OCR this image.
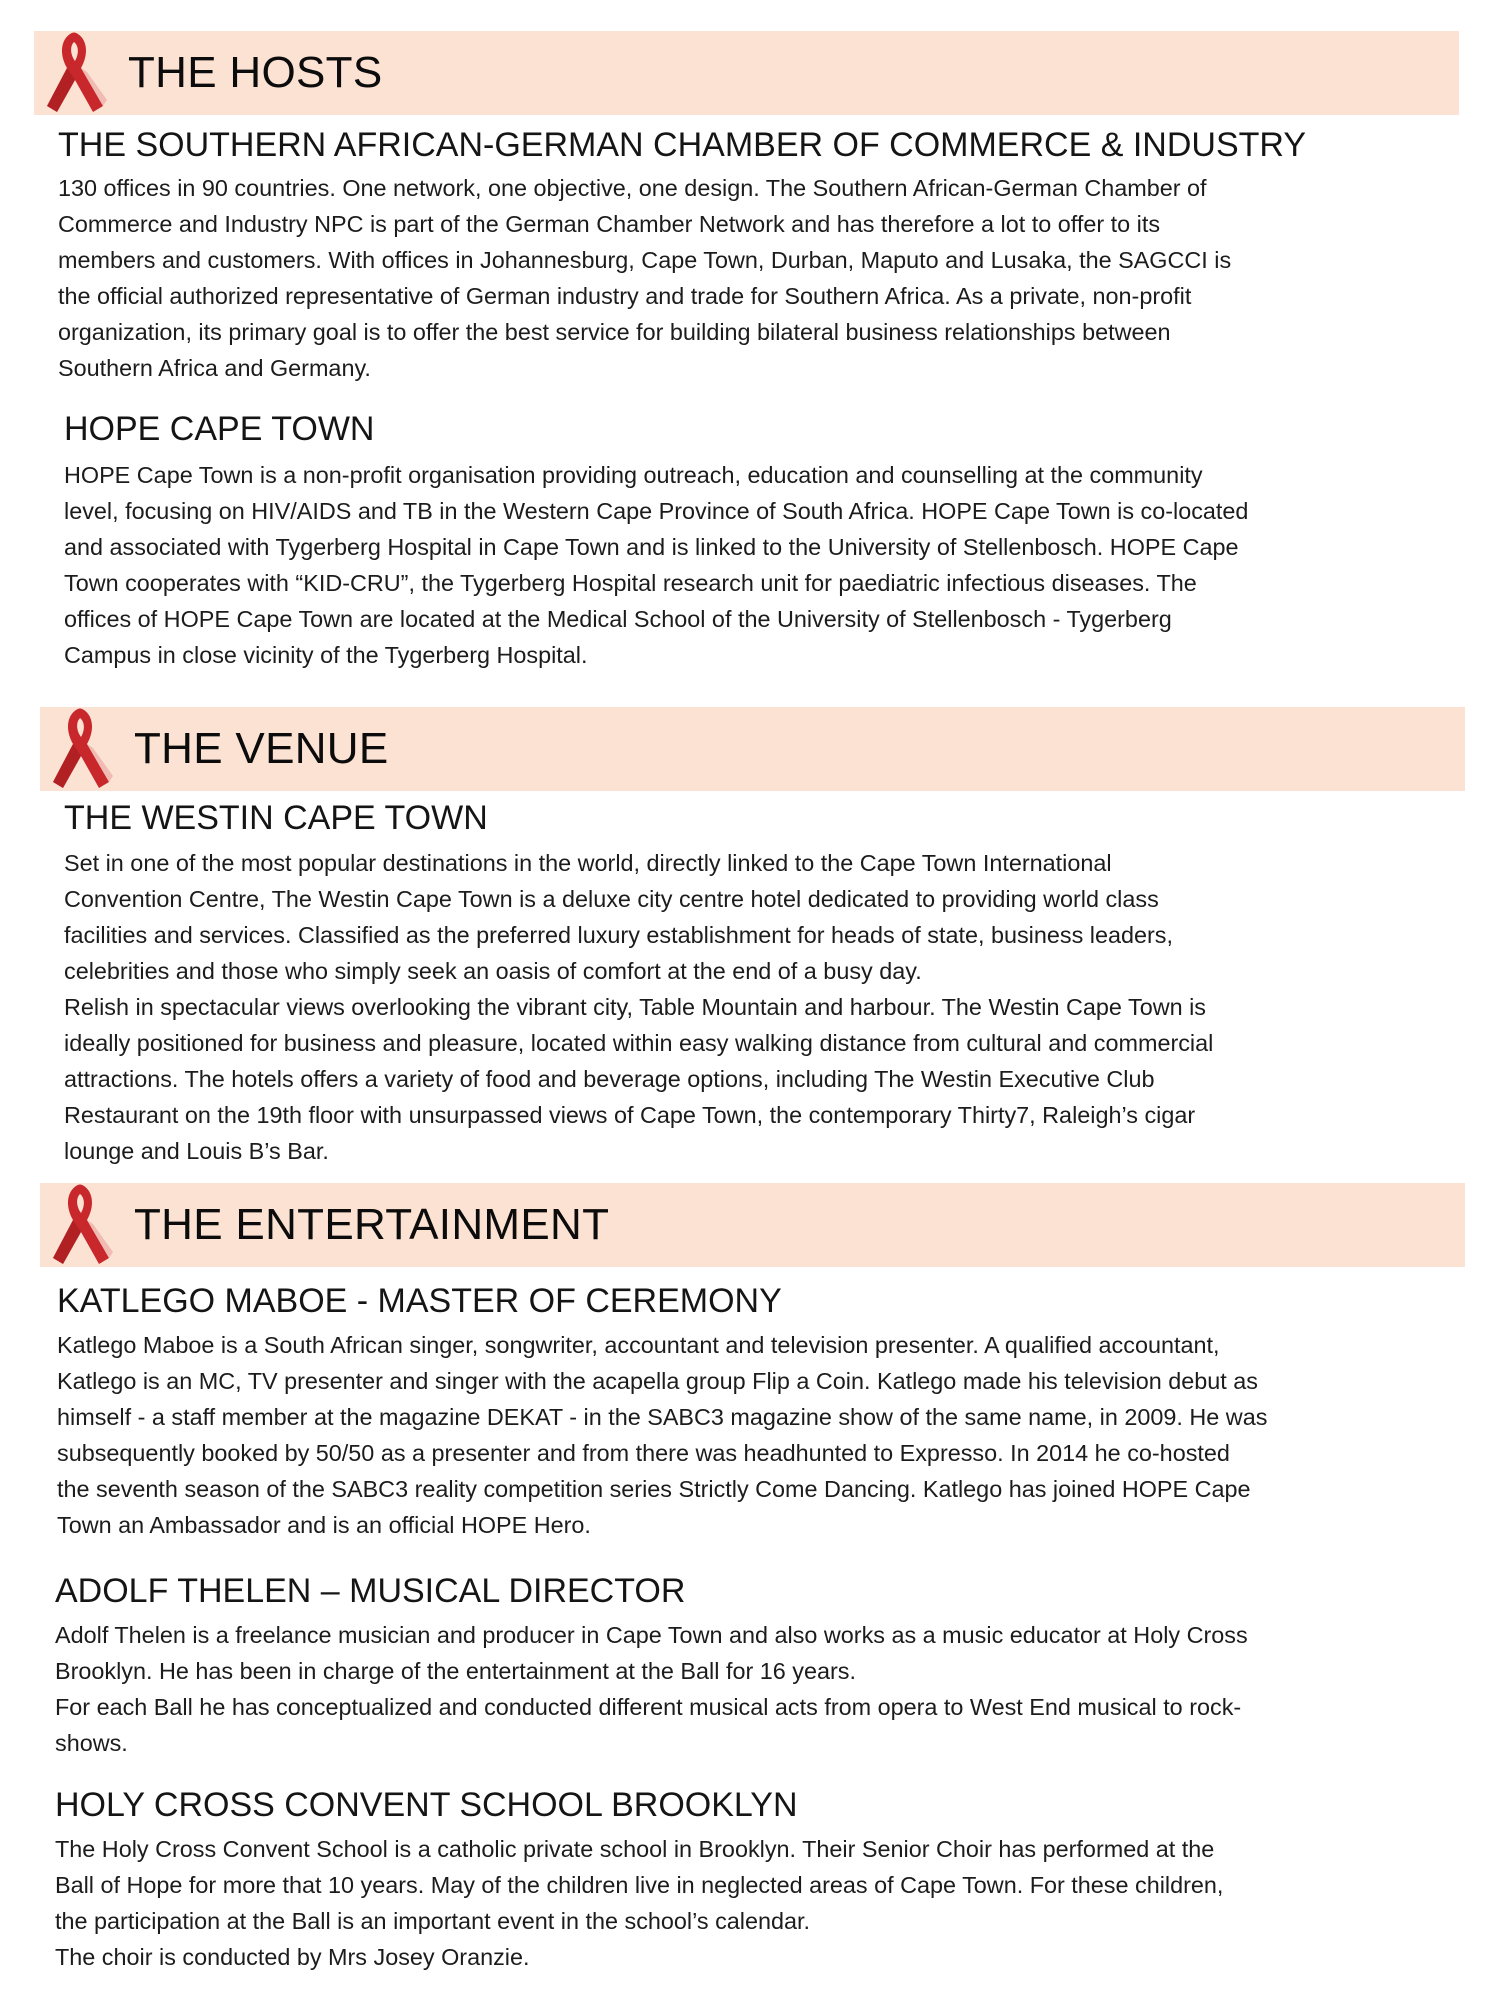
THE HOSTS
THE SOUTHERN AFRICAN-GERMAN CHAMBER OF COMMERCE & INDUSTRY
130 offices in 90 countries. One network, one objective, one design. The Southern African-German Chamber of
Commerce and Industry NPC is part of the German Chamber Network and has therefore a lot to offer to its
members and customers. With offices in Johannesburg, Cape Town, Durban, Maputo and Lusaka, the SAGCCI is
the official authorized representative of German industry and trade for Southern Africa. As a private, non-profit
organization, its primary goal is to offer the best service for building bilateral business relationships between
Southern Africa and Germany.
HOPE CAPE TOWN
HOPE Cape Town is a non-profit organisation providing outreach, education and counselling at the community
level, focusing on HIV/AIDS and TB in the Western Cape Province of South Africa. HOPE Cape Town is co-located
and associated with Tygerberg Hospital in Cape Town and is linked to the University of Stellenbosch. HOPE Cape
Town cooperates with “KID-CRU”, the Tygerberg Hospital research unit for paediatric infectious diseases. The
offices of HOPE Cape Town are located at the Medical School of the University of Stellenbosch - Tygerberg
Campus in close vicinity of the Tygerberg Hospital.
THE VENUE
THE WESTIN CAPE TOWN
Set in one of the most popular destinations in the world, directly linked to the Cape Town International
Convention Centre, The Westin Cape Town is a deluxe city centre hotel dedicated to providing world class
facilities and services. Classified as the preferred luxury establishment for heads of state, business leaders,
celebrities and those who simply seek an oasis of comfort at the end of a busy day.
Relish in spectacular views overlooking the vibrant city, Table Mountain and harbour. The Westin Cape Town is
ideally positioned for business and pleasure, located within easy walking distance from cultural and commercial
attractions. The hotels offers a variety of food and beverage options, including The Westin Executive Club
Restaurant on the 19th floor with unsurpassed views of Cape Town, the contemporary Thirty7, Raleigh’s cigar
lounge and Louis B’s Bar.
THE ENTERTAINMENT
KATLEGO MABOE - MASTER OF CEREMONY
Katlego Maboe is a South African singer, songwriter, accountant and television presenter. A qualified accountant,
Katlego is an MC, TV presenter and singer with the acapella group Flip a Coin. Katlego made his television debut as
himself - a staff member at the magazine DEKAT - in the SABC3 magazine show of the same name, in 2009. He was
subsequently booked by 50/50 as a presenter and from there was headhunted to Expresso. In 2014 he co-hosted
the seventh season of the SABC3 reality competition series Strictly Come Dancing. Katlego has joined HOPE Cape
Town an Ambassador and is an official HOPE Hero.
ADOLF THELEN – MUSICAL DIRECTOR
Adolf Thelen is a freelance musician and producer in Cape Town and also works as a music educator at Holy Cross
Brooklyn. He has been in charge of the entertainment at the Ball for 16 years.
For each Ball he has conceptualized and conducted different musical acts from opera to West End musical to rock-
shows.
HOLY CROSS CONVENT SCHOOL BROOKLYN
The Holy Cross Convent School is a catholic private school in Brooklyn. Their Senior Choir has performed at the
Ball of Hope for more that 10 years. May of the children live in neglected areas of Cape Town. For these children,
the participation at the Ball is an important event in the school’s calendar.
The choir is conducted by Mrs Josey Oranzie.
